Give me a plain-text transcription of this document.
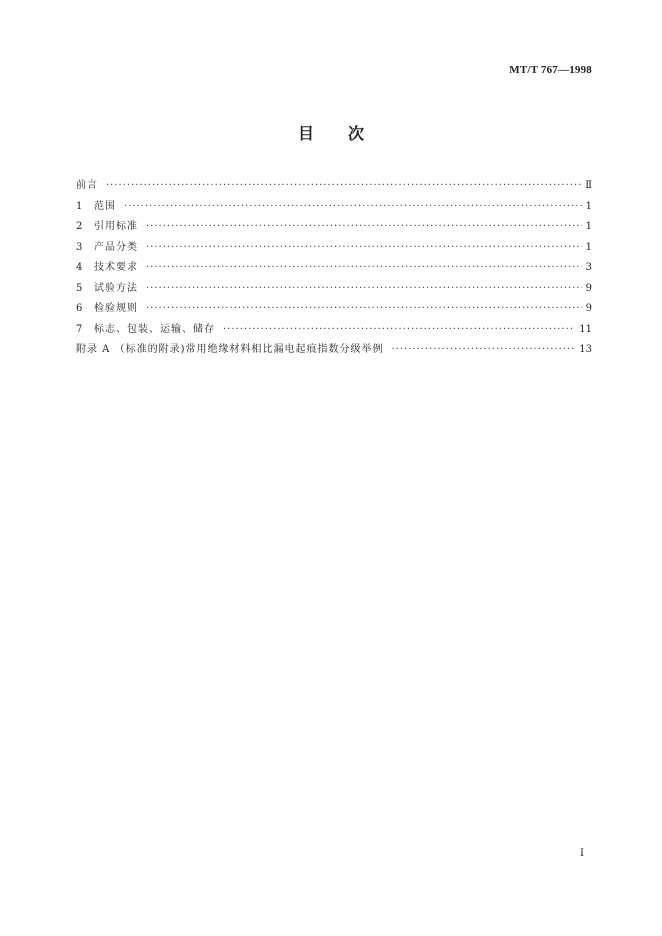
MT/T 767—1998
目次
前言 ·····	Ⅱ
1 范围 ·····	1
2 引用标准 ·····	1
3 产品分类 ·····	1
4 技术要求 ·····	3
5 试验方法 ·····	9
6 检验规则 ·····	9
7 标志、包装、运输、储存 ·····	11
附录 A （标准的附录)常用绝缘材料相比漏电起痕指数分级举例 ·····	13
I
